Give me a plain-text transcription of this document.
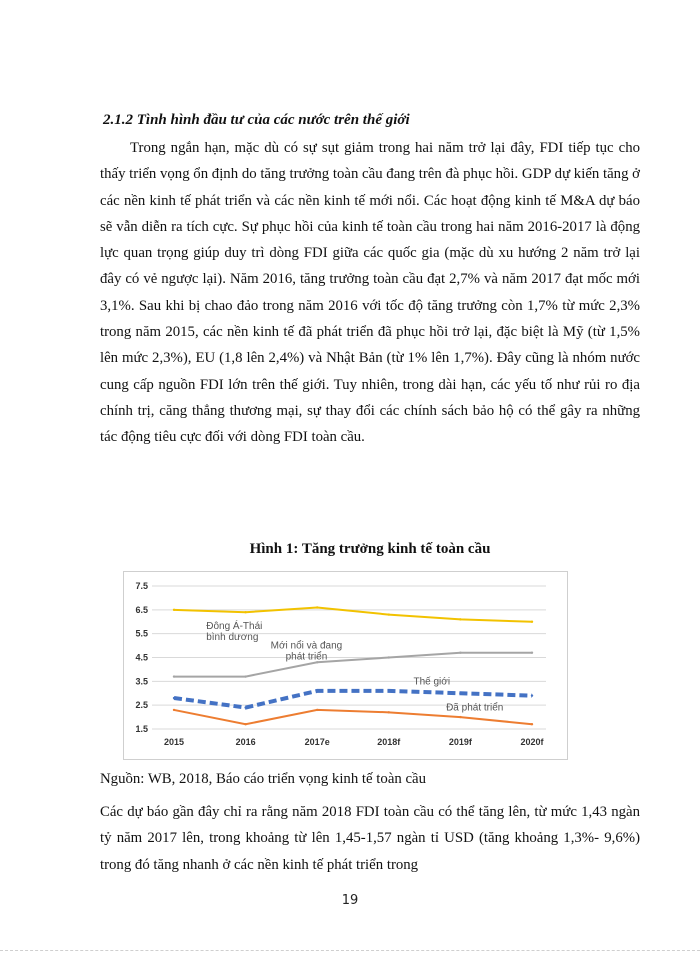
2.1.2 Tình hình đầu tư của các nước trên thế giới

Trong ngắn hạn, mặc dù có sự sụt giảm trong hai năm trở lại đây, FDI tiếp tục cho thấy triển vọng ổn định do tăng trưởng toàn cầu đang trên đà phục hồi. GDP dự kiến tăng ở các nền kinh tế phát triển và các nền kinh tế mới nổi. Các hoạt động kinh tế M&A dự báo sẽ vẫn diễn ra tích cực. Sự phục hồi của kinh tế toàn cầu trong hai năm 2016-2017 là động lực quan trọng giúp duy trì dòng FDI giữa các quốc gia (mặc dù xu hướng 2 năm trở lại đây có vẻ ngược lại). Năm 2016, tăng trưởng toàn cầu đạt 2,7% và năm 2017 đạt mốc mới 3,1%. Sau khi bị chao đảo trong năm 2016 với tốc độ tăng trưởng còn 1,7% từ mức 2,3% trong năm 2015, các nền kinh tế đã phát triển đã phục hồi trở lại, đặc biệt là Mỹ (từ 1,5% lên mức 2,3%), EU (1,8 lên 2,4%) và Nhật Bản (từ 1% lên 1,7%). Đây cũng là nhóm nước cung cấp nguồn FDI lớn trên thế giới. Tuy nhiên, trong dài hạn, các yếu tố như rủi ro địa chính trị, căng thẳng thương mại, sự thay đổi các chính sách bảo hộ có thể gây ra những tác động tiêu cực đối với dòng FDI toàn cầu.

Hình 1: Tăng trưởng kinh tế toàn cầu

7.5
6.5
5.5
4.5
3.5
2.5
1.5
2015	2016	2017e	2018f	2019f	2020f
Đông Á-Thái
bình dương
Mới nổi và đang
phát triển
Thế giới
Đã phát triển

Nguồn: WB, 2018, Báo cáo triển vọng kinh tế toàn cầu

Các dự báo gần đây chỉ ra rằng năm 2018 FDI toàn cầu có thể tăng lên, từ mức 1,43 ngàn tỷ năm 2017 lên, trong khoảng từ lên 1,45-1,57 ngàn tỉ USD (tăng khoảng 1,3%- 9,6%) trong đó tăng nhanh ở các nền kinh tế phát triển trong

19
